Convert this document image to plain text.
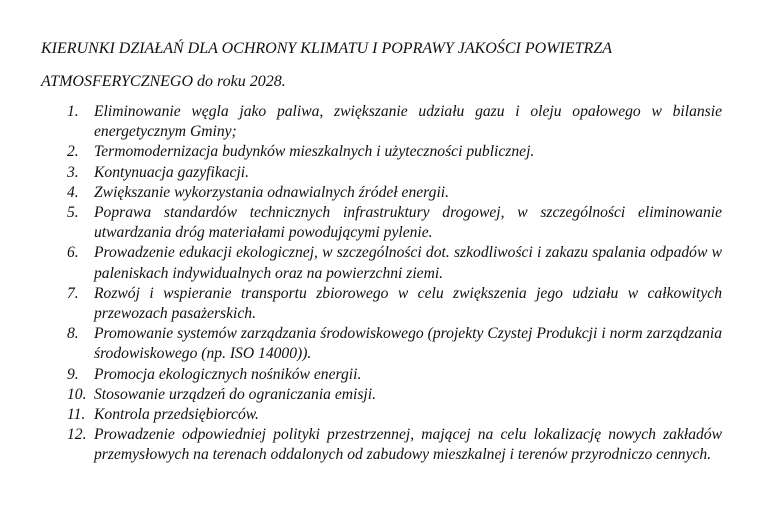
KIERUNKI DZIAŁAŃ DLA OCHRONY KLIMATU I POPRAWY JAKOŚCI POWIETRZA

ATMOSFERYCZNEGO do roku 2028.

1. Eliminowanie węgla jako paliwa, zwiększanie udziału gazu i oleju opałowego w bilansie energetycznym Gminy;
2. Termomodernizacja budynków mieszkalnych i użyteczności publicznej.
3. Kontynuacja gazyfikacji.
4. Zwiększanie wykorzystania odnawialnych źródeł energii.
5. Poprawa standardów technicznych infrastruktury drogowej, w szczególności eliminowanie utwardzania dróg materiałami powodującymi pylenie.
6. Prowadzenie edukacji ekologicznej, w szczególności dot. szkodliwości i zakazu spalania odpadów w paleniskach indywidualnych oraz na powierzchni ziemi.
7. Rozwój i wspieranie transportu zbiorowego w celu zwiększenia jego udziału w całkowitych przewozach pasażerskich.
8. Promowanie systemów zarządzania środowiskowego (projekty Czystej Produkcji i norm zarządzania środowiskowego (np. ISO 14000)).
9. Promocja ekologicznych nośników energii.
10. Stosowanie urządzeń do ograniczania emisji.
11. Kontrola przedsiębiorców.
12. Prowadzenie odpowiedniej polityki przestrzennej, mającej na celu lokalizację nowych zakładów przemysłowych na terenach oddalonych od zabudowy mieszkalnej i terenów przyrodniczo cennych.
